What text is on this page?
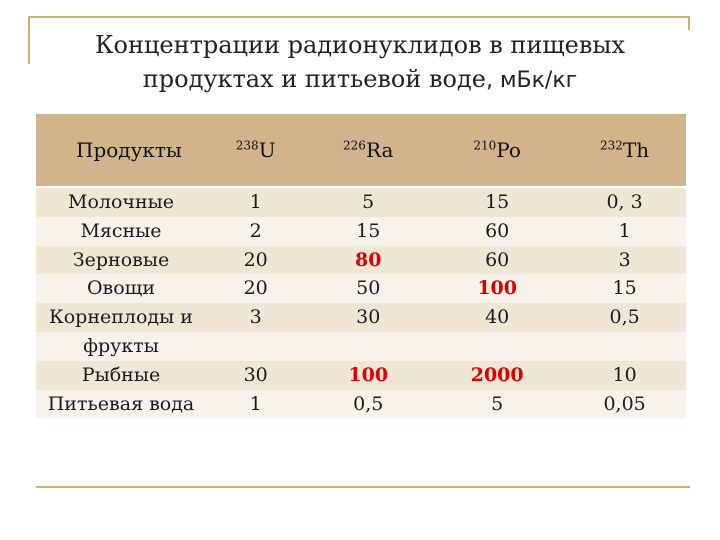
Концентрации радионуклидов в пищевых
продуктах и питьевой воде, мБк/кг
Продукты	$^{238}$U	$^{226}$Ra	$^{210}$Po	$^{232}$Th
Молочные	1	5	15	0, 3
Мясные	2	15	60	1
Зерновые	20	80	60	3
Овощи	20	50	100	15
Корнеплоды и	3	30	40	0,5
фрукты				
Рыбные	30	100	2000	10
Питьевая вода	1	0,5	5	0,05
